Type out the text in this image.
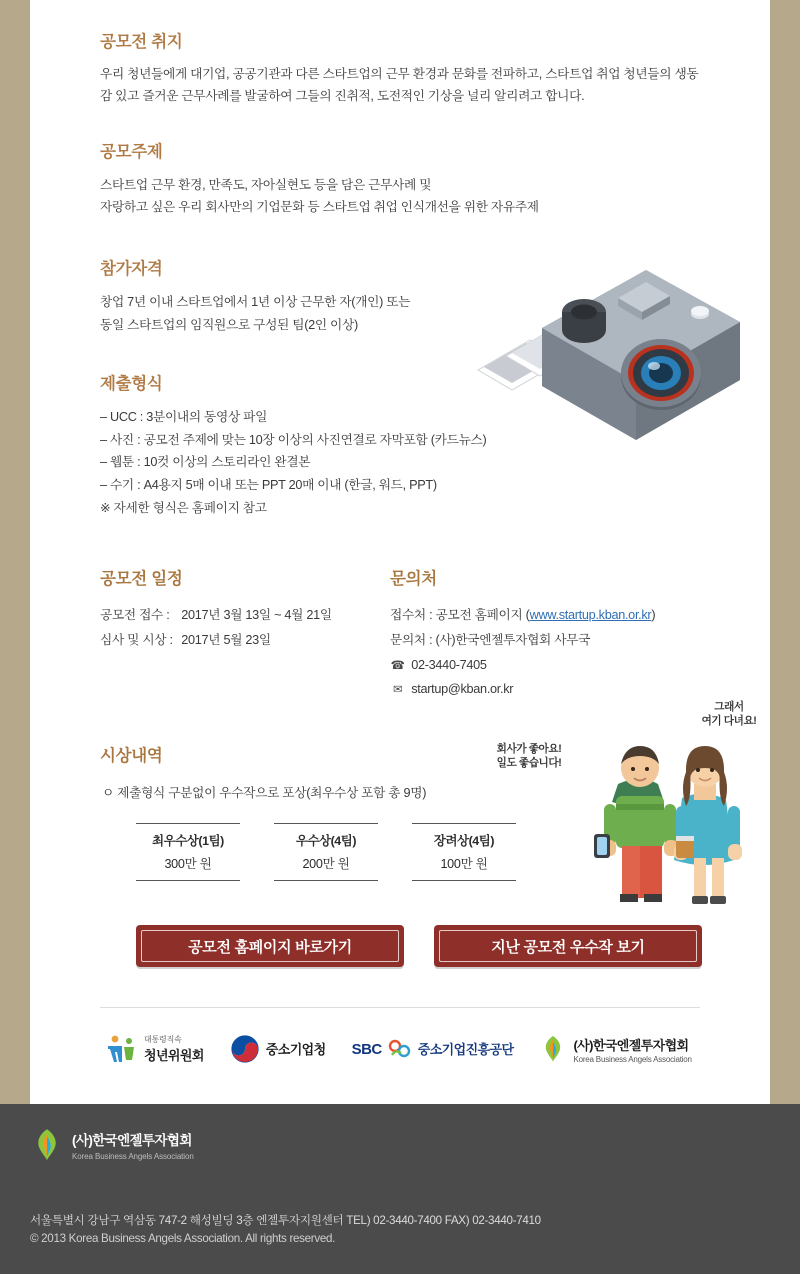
공모전 취지

우리 청년들에게 대기업, 공공기관과 다른 스타트업의 근무 환경과 문화를 전파하고, 스타트업 취업 청년들의 생동감 있고 즐거운 근무사례를 발굴하여 그들의 진취적, 도전적인 기상을 널리 알리려고 합니다.

공모주제
스타트업 근무 환경, 만족도, 자아실현도 등을 담은 근무사례 및
자랑하고 싶은 우리 회사만의 기업문화 등 스타트업 취업 인식개선을 위한 자유주제
참가자격
창업 7년 이내 스타트업에서 1년 이상 근무한 자(개인) 또는
동일 스타트업의 임직원으로 구성된 팀(2인 이상)
제출형식
– UCC : 3분이내의 동영상 파일
– 사진 : 공모전 주제에 맞는 10장 이상의 사진연결로 자막포함 (카드뉴스)
– 웹툰 : 10컷 이상의 스토리라인 완결본
– 수기 : A4용지 5매 이내 또는 PPT 20매 이내 (한글, 워드, PPT)
※ 자세한 형식은 홈페이지 참고
공모전 일정
공모전 접수 : 2017년 3월 13일 ~ 4월 21일
심사 및 시상 : 2017년 5월 23일
문의처
접수처 : 공모전 홈페이지 (www.startup.kban.or.kr)
문의처 : (사)한국엔젤투자협회 사무국
☎ 02-3440-7405
✉ startup@kban.or.kr
시상내역

ㅇ 제출형식 구분없이 우수작으로 포상(최우수상 포함 총 9명)

최우수상(1팀)
300만 원
우수상(4팀)
200만 원
장려상(4팀)
100만 원
공모전 홈페이지 바로가기	지난 공모전 우수작 보기
대통령직속
청년위원회	중소기업청 SBC	중소기업진흥공단	(사)한국엔젤투자협회
Korea Business Angels Association
회사가 좋아요!
일도 좋습니다!
그래서
여기 다녀요!
(사)한국엔젤투자협회
Korea Business Angels Association
서울특별시 강남구 역삼동 747-2 해성빌딩 3층 엔젤투자지원센터 TEL) 02-3440-7400 FAX) 02-3440-7410
© 2013 Korea Business Angels Association. All rights reserved.
